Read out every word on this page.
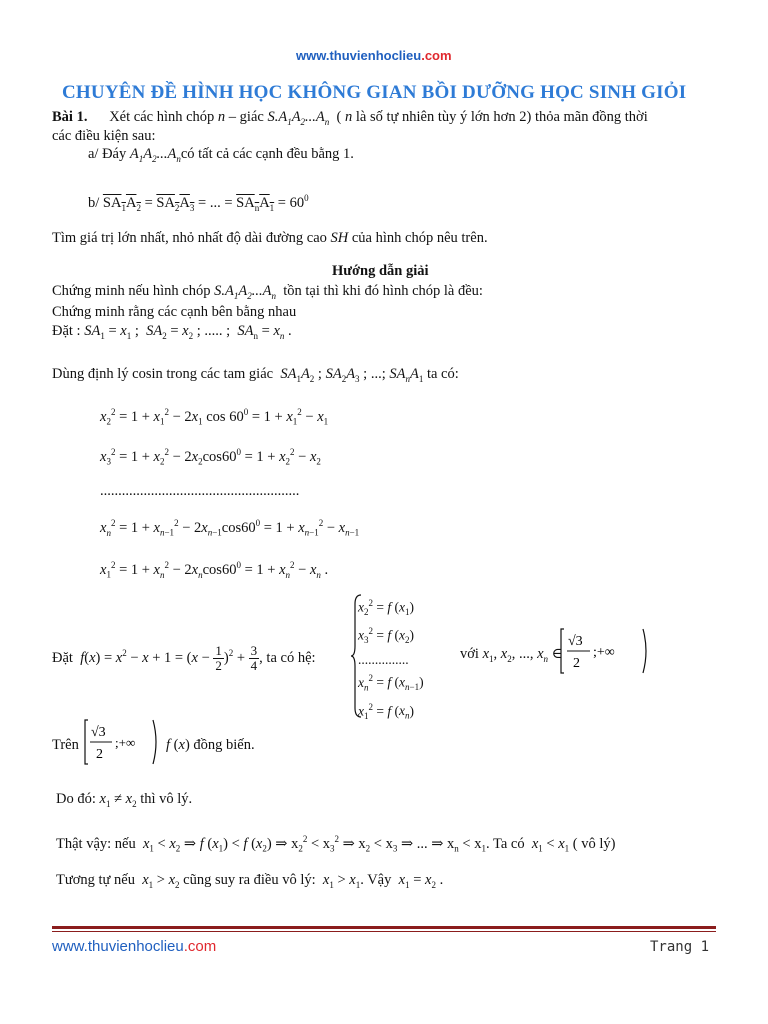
www.thuvienhoclieu.com
CHUYÊN ĐỀ HÌNH HỌC KHÔNG GIAN BỒI DƯỠNG HỌC SINH GIỎI
Bài 1. Xét các hình chóp n – giác $S.A_1A_2...A_n$  ( n là số tự nhiên tùy ý lớn hơn 2) thỏa mãn đồng thời
các điều kiện sau:
a/ Đáy $A_1A_2...A_ncó$ tất cả các cạnh đều bằng 1.
b/ $SA_1A_2 = SA_2A_3$ = ... = $SA_nA_1 = 60^0$
Tìm giá trị lớn nhất, nhỏ nhất độ dài đường cao SH của hình chóp nêu trên.
Hướng dẫn giải
Chứng minh nếu hình chóp $S.A_1A_2...A_n$ tồn tại thì khi đó hình chóp là đều:
Chứng minh rằng các cạnh bên bằng nhau
Đặt : $SA_1 = x_1$ ;  $SA_2 = x_2$ ; ..... ;  $SA_n = x_n$ .
Dùng định lý cosin trong các tam giác $SA_1A_2$ ; $SA_2A_3$ ; ...; $SA_nA_1$ ta có:
$x_2^2 = 1 + x_1^2 - 2x_1$ $\cos 60^0 = 1 + x_1^2 - x_1$
$x_3^2 = 1 + x_2^2 - 2x_2\cos 60^0 = 1 + x_2^2 - x_2$
.......................................................
$x_n^2 = 1 + x_{n-1}^2 - 2x_{n-1}\cos 60^0 = 1 + x_{n-1}^2 - x_{n-1}$
$x_1^2 = 1 + x_n^2 - 2x_n\cos 60^0 = 1 + x_n^2 - x_n$ .
Đặt $f(x) = x^2 - x + 1 = (x - \frac{1}{2} )^2 + \frac{3}{4}$ , ta có hệ:
$x_2^2 = f$ $(x_1)$
$x_3^2 = f$ $(x_2)$
...............
$x_n^2 = f$ $(x_{n-1})$
$x_1^2 = f$ $(x_n)$
với $x_1$, $x_2$, ..., $x_n$ ∈
√3
2
;+∞
Trên
√3
2
;+∞ f (x) đồng biến.
Do đó: $x_1 \ne x_2$ thì vô lý.
Thật vậy: nếu $x_1 < x_2$ ⇒ f $(x_1) < f$ $(x_2)$ ⇒ $x_2^2 < x_3^2$ ⇒ $x_2 < x_3$ ⇒ ... ⇒ $x_n < x_1$. Ta có $x_1 < x_1$ ( vô lý)
Tương tự nếu $x_1 > x_2$ cũng suy ra điều vô lý: $x_1 > x_1$. Vậy $x_1 = x_2$ .
www.thuvienhoclieu.com	Trang 1
